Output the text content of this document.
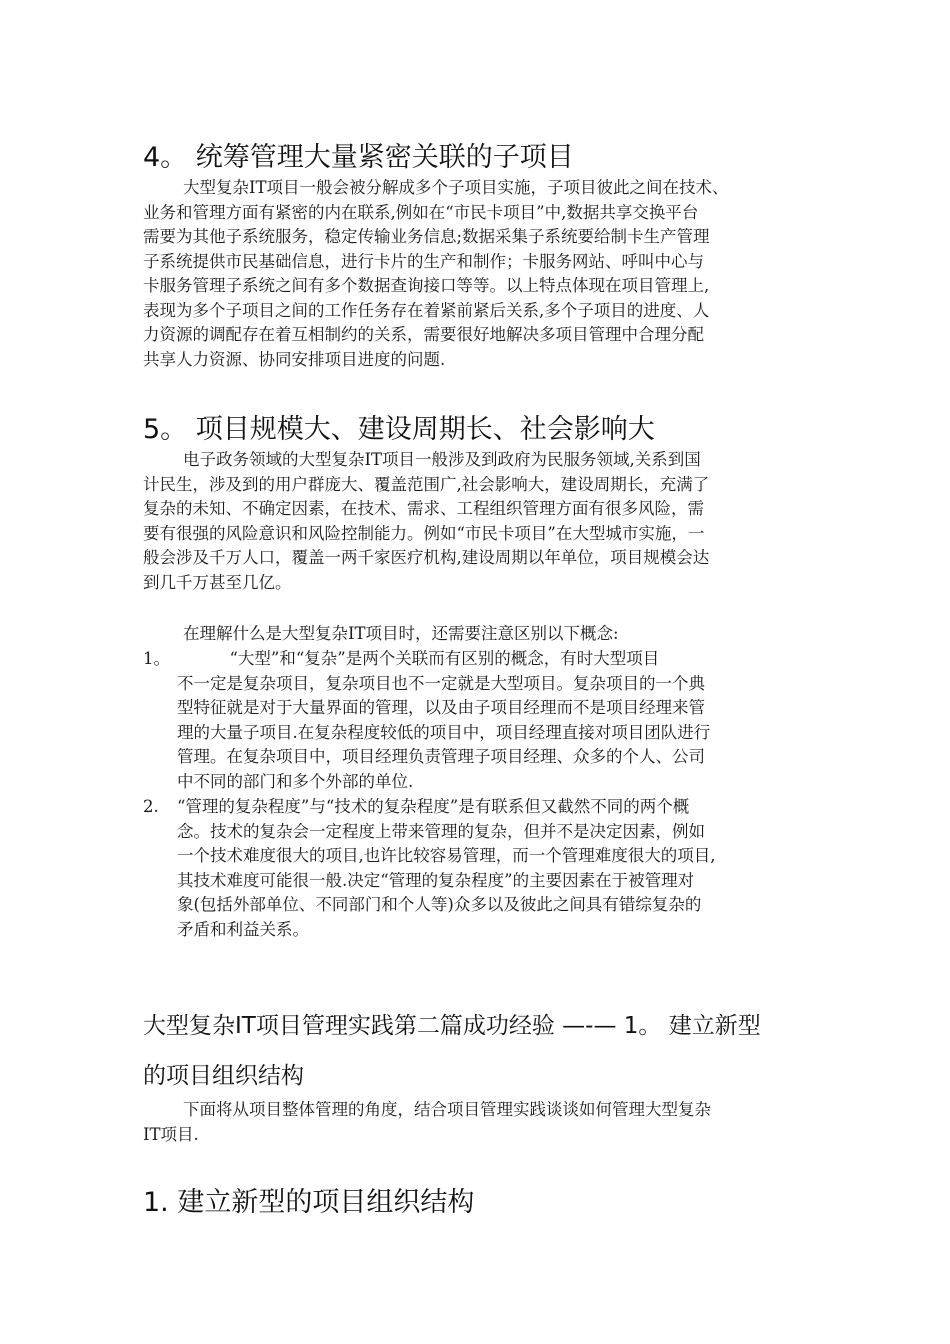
4。 统筹管理大量紧密关联的子项目
大型复杂IT项目一般会被分解成多个子项目实施，子项目彼此之间在技术、
业务和管理方面有紧密的内在联系,例如在“市民卡项目”中,数据共享交换平台
需要为其他子系统服务，稳定传输业务信息;数据采集子系统要给制卡生产管理
子系统提供市民基础信息，进行卡片的生产和制作；卡服务网站、呼叫中心与
卡服务管理子系统之间有多个数据查询接口等等。以上特点体现在项目管理上,
表现为多个子项目之间的工作任务存在着紧前紧后关系,多个子项目的进度、人
力资源的调配存在着互相制约的关系，需要很好地解决多项目管理中合理分配
共享人力资源、协同安排项目进度的问题.
5。 项目规模大、建设周期长、社会影响大
电子政务领域的大型复杂IT项目一般涉及到政府为民服务领域,关系到国
计民生，涉及到的用户群庞大、覆盖范围广,社会影响大，建设周期长，充满了
复杂的未知、不确定因素，在技术、需求、工程组织管理方面有很多风险，需
要有很强的风险意识和风险控制能力。例如“市民卡项目”在大型城市实施，一
般会涉及千万人口，覆盖一两千家医疗机构,建设周期以年单位，项目规模会达
到几千万甚至几亿。
在理解什么是大型复杂IT项目时，还需要注意区别以下概念:
1。 “大型”和“复杂”是两个关联而有区别的概念，有时大型项目
不一定是复杂项目，复杂项目也不一定就是大型项目。复杂项目的一个典
型特征就是对于大量界面的管理，以及由子项目经理而不是项目经理来管
理的大量子项目.在复杂程度较低的项目中，项目经理直接对项目团队进行
管理。在复杂项目中，项目经理负责管理子项目经理、众多的个人、公司
中不同的部门和多个外部的单位.
2. “管理的复杂程度”与“技术的复杂程度”是有联系但又截然不同的两个概
念。技术的复杂会一定程度上带来管理的复杂，但并不是决定因素，例如
一个技术难度很大的项目,也许比较容易管理，而一个管理难度很大的项目,
其技术难度可能很一般.决定“管理的复杂程度”的主要因素在于被管理对
象(包括外部单位、不同部门和个人等)众多以及彼此之间具有错综复杂的
矛盾和利益关系。
大型复杂IT项目管理实践第二篇成功经验 —-— 1。 建立新型
的项目组织结构
下面将从项目整体管理的角度，结合项目管理实践谈谈如何管理大型复杂
IT项目.
1. 建立新型的项目组织结构
